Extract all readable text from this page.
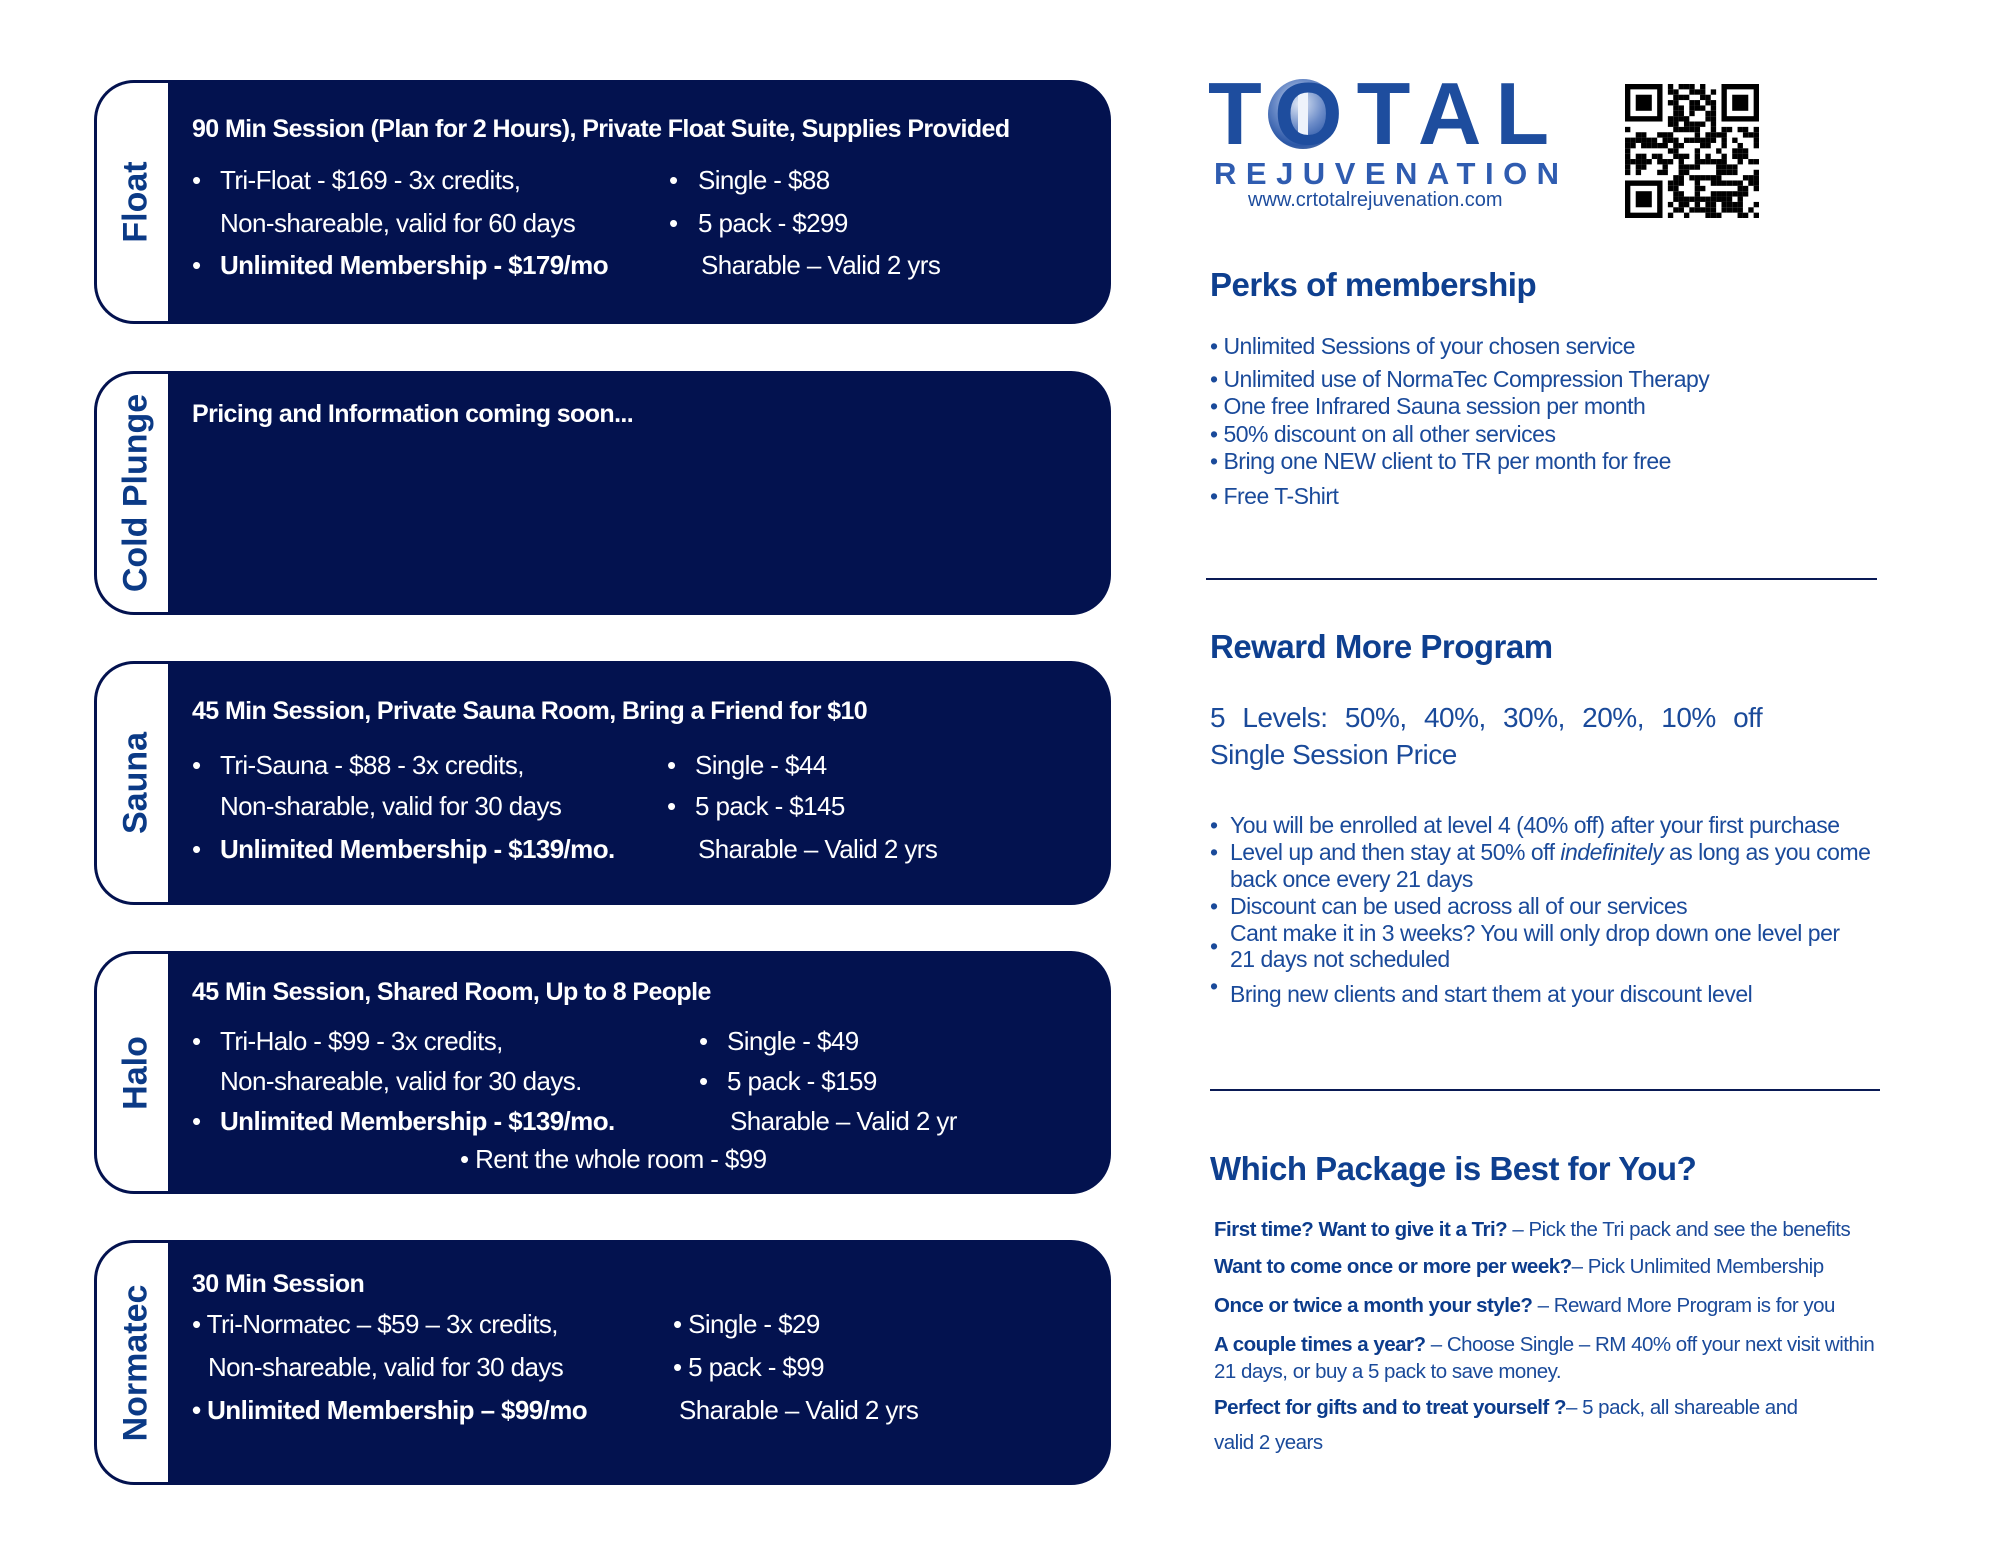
Float
90 Min Session (Plan for 2 Hours), Private Float Suite, Supplies Provided
• Tri-Float - $169 - 3x credits,
Non-shareable, valid for 60 days
• Unlimited Membership - $179/mo
• Single - $88
• 5 pack - $299
Sharable – Valid 2 yrs
Cold Plunge Pricing and Information coming soon...
Sauna
45 Min Session, Private Sauna Room, Bring a Friend for $10
• Tri-Sauna - $88 - 3x credits,
Non-sharable, valid for 30 days
• Unlimited Membership - $139/mo.
• Single - $44
• 5 pack - $145
Sharable – Valid 2 yrs
Halo
45 Min Session, Shared Room, Up to 8 People
• Tri-Halo - $99 - 3x credits,
Non-shareable, valid for 30 days.
• Unlimited Membership - $139/mo.
• Single - $49
• 5 pack - $159
Sharable – Valid 2 yr
• Rent the whole room - $99
Normatec
30 Min Session
• Tri-Normatec – $59 – 3x credits,
Non-shareable, valid for 30 days
• Unlimited Membership – $99/mo
• Single - $29
• 5 pack - $99
Sharable – Valid 2 yrs
TOTAL
REJUVENATION
www.crtotalrejuvenation.com
Perks of membership
• Unlimited Sessions of your chosen service
• Unlimited use of NormaTec Compression Therapy
• One free Infrared Sauna session per month
• 50% discount on all other services
• Bring one NEW client to TR per month for free
• Free T-Shirt
Reward More Program
5 Levels: 50%, 40%, 30%, 20%, 10% off
Single Session Price
• You will be enrolled at level 4 (40% off) after your first purchase
• Level up and then stay at 50% off indefinitely as long as you come
back once every 21 days
• Discount can be used across all of our services
• Cant make it in 3 weeks? You will only drop down one level per
21 days not scheduled
• Bring new clients and start them at your discount level
Which Package is Best for You?
First time? Want to give it a Tri? – Pick the Tri pack and see the benefits
Want to come once or more per week?– Pick Unlimited Membership
Once or twice a month your style? – Reward More Program is for you
A couple times a year? – Choose Single – RM 40% off your next visit within
21 days, or buy a 5 pack to save money.
Perfect for gifts and to treat yourself ?– 5 pack, all shareable and
valid 2 years
